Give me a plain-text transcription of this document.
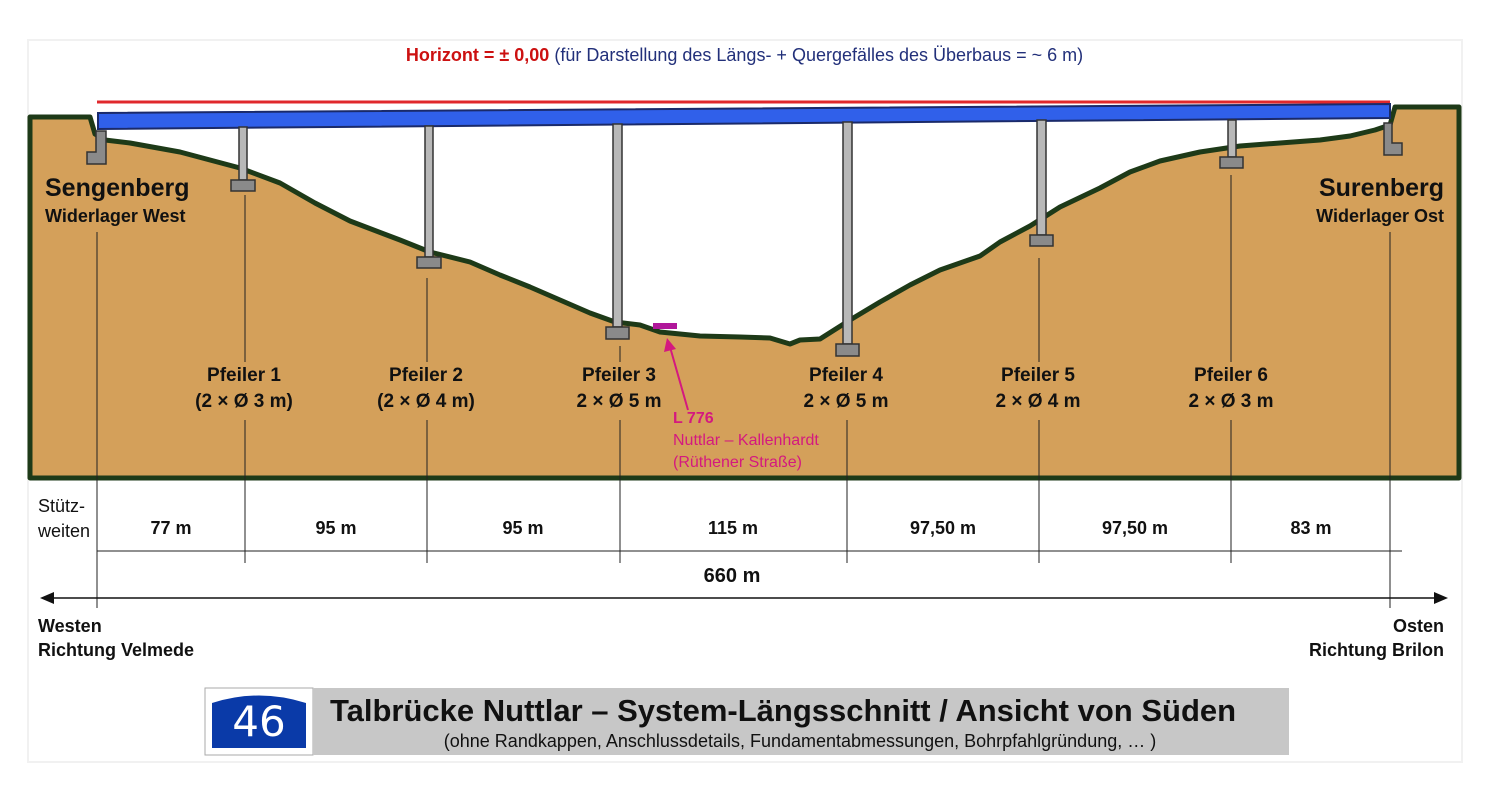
Horizont = ± 0,00 (für Darstellung des Längs- + Quergefälles des Überbaus = ~ 6 m)
Sengenberg
Widerlager West
Surenberg
Widerlager Ost
Pfeiler 1
(2 × Ø 3 m)
Pfeiler 2
(2 × Ø 4 m)
Pfeiler 3
2 × Ø 5 m
Pfeiler 4
2 × Ø 5 m
Pfeiler 5
2 × Ø 4 m
Pfeiler 6
2 × Ø 3 m
L 776
Nuttlar – Kallenhardt
(Rüthener Straße)
Stütz-
weiten	77 m	95 m	95 m	115 m	97,50 m	97,50 m	83 m
660 m
Westen
Richtung Velmede
Osten
Richtung Brilon
46	Talbrücke Nuttlar – System-Längsschnitt / Ansicht von Süden
(ohne Randkappen, Anschlussdetails, Fundamentabmessungen, Bohrpfahlgründung, … )
